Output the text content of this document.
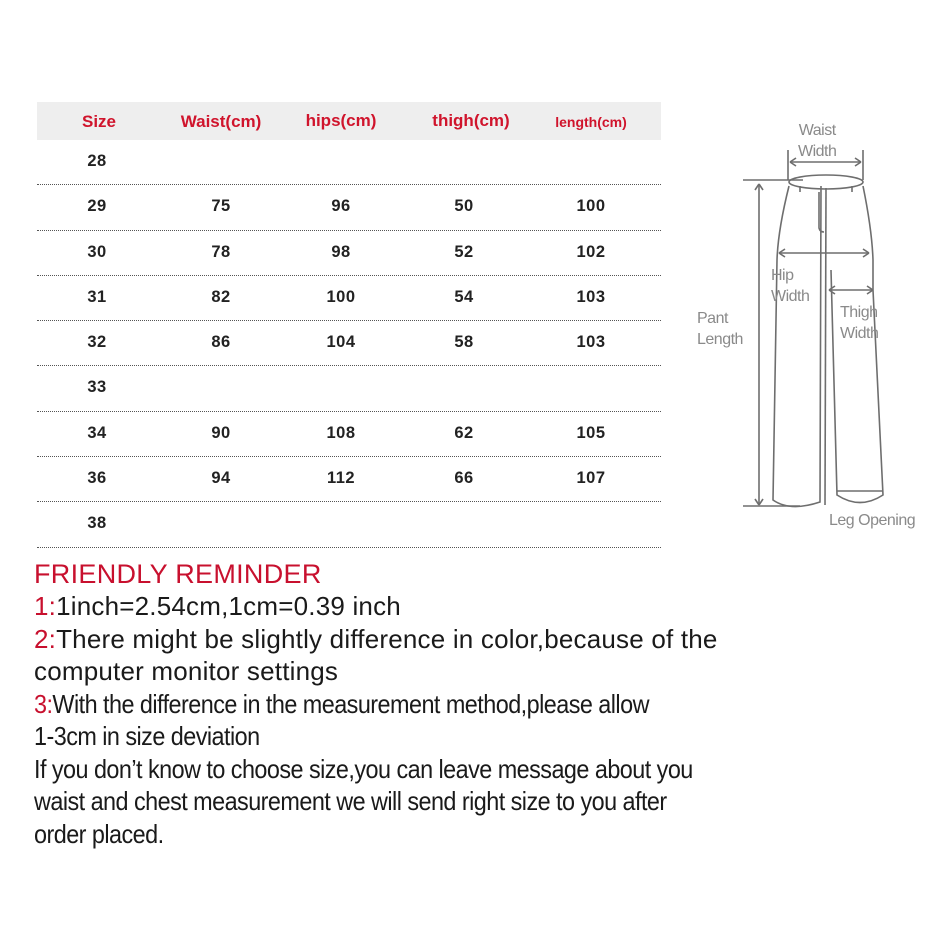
Size	Waist(cm)	hips(cm)	thigh(cm)	length(cm)
28
29	75	96	50	100
30	78	98	52	102
31	82	100	54	103
32	86	104	58	103
33
34	90	108	62	105
36	94	112	66	107
38
Waist
Width
Hip
Width
Thigh
Width
Pant
Length
Leg Opening
FRIENDLY REMINDER
1:1inch=2.54cm,1cm=0.39 inch
2:There might be slightly difference in color,because of the
computer monitor settings
3:With the difference in the measurement method,please allow
1-3cm in size deviation
If you don’t know to choose size,you can leave message about you
waist and chest measurement we will send right size to you after
order placed.
